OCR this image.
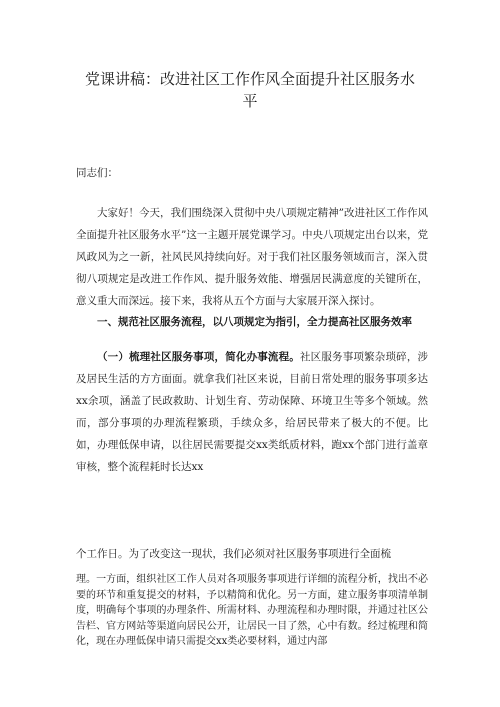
党课讲稿：改进社区工作作风全面提升社区服务水平
同志们：

大家好！今天，我们围绕深入贯彻中央八项规定精神”改进社区工作作风全面提升社区服务水平”这一主题开展党课学习。中央八项规定出台以来，党风政风为之一新，社风民风持续向好。对于我们社区服务领域而言，深入贯彻八项规定是改进工作作风、提升服务效能、增强居民满意度的关键所在，意义重大而深远。接下来，我将从五个方面与大家展开深入探讨。

一、规范社区服务流程，以八项规定为指引，全力提高社区服务效率

（一）梳理社区服务事项，简化办事流程。社区服务事项繁杂琐碎，涉及居民生活的方方面面。就拿我们社区来说，目前日常处理的服务事项多达xx余项，涵盖了民政救助、计划生育、劳动保障、环境卫生等多个领域。然而，部分事项的办理流程繁琐，手续众多，给居民带来了极大的不便。比如，办理低保申请，以往居民需要提交xx类纸质材料，跑xx个部门进行盖章审核，整个流程耗时长达xx

个工作日。为了改变这一现状，我们必须对社区服务事项进行全面梳

理。一方面，组织社区工作人员对各项服务事项进行详细的流程分析，找出不必要的环节和重复提交的材料，予以精简和优化。另一方面，建立服务事项清单制度，明确每个事项的办理条件、所需材料、办理流程和办理时限，并通过社区公告栏、官方网站等渠道向居民公开，让居民一目了然，心中有数。经过梳理和简化，现在办理低保申请只需提交xx类必要材料，通过内部
